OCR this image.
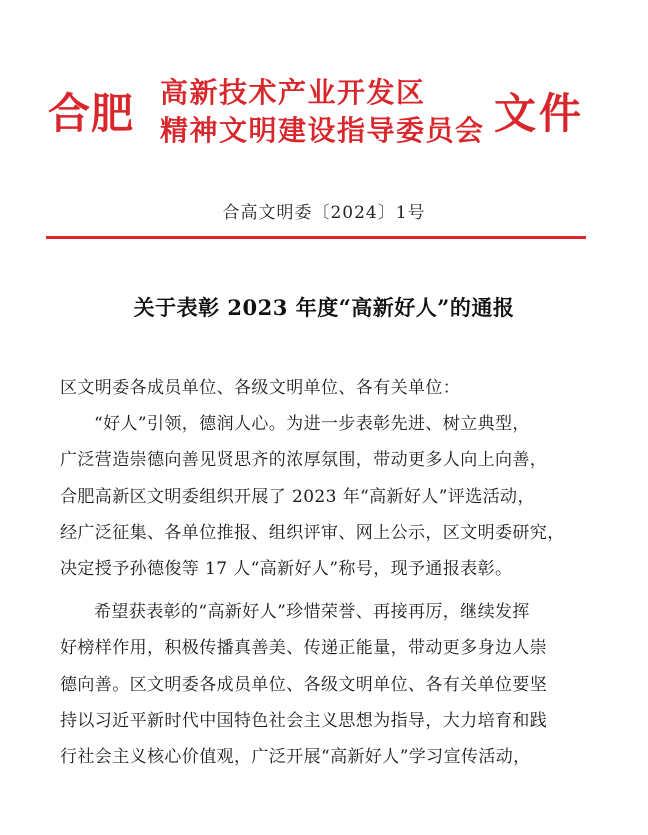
合肥 高新技术产业开发区
精神文明建设指导委员会 文件
合高文明委〔2024〕1号
关于表彰 2023 年度“高新好人”的通报
区文明委各成员单位、各级文明单位、各有关单位：
“好人”引领，德润人心。为进一步表彰先进、树立典型，
广泛营造崇德向善见贤思齐的浓厚氛围，带动更多人向上向善，
合肥高新区文明委组织开展了 2023 年“高新好人”评选活动，
经广泛征集、各单位推报、组织评审、网上公示，区文明委研究，
决定授予孙德俊等 17 人“高新好人”称号，现予通报表彰。
希望获表彰的“高新好人”珍惜荣誉、再接再厉，继续发挥
好榜样作用，积极传播真善美、传递正能量，带动更多身边人崇
德向善。区文明委各成员单位、各级文明单位、各有关单位要坚
持以习近平新时代中国特色社会主义思想为指导，大力培育和践
行社会主义核心价值观，广泛开展“高新好人”学习宣传活动，
